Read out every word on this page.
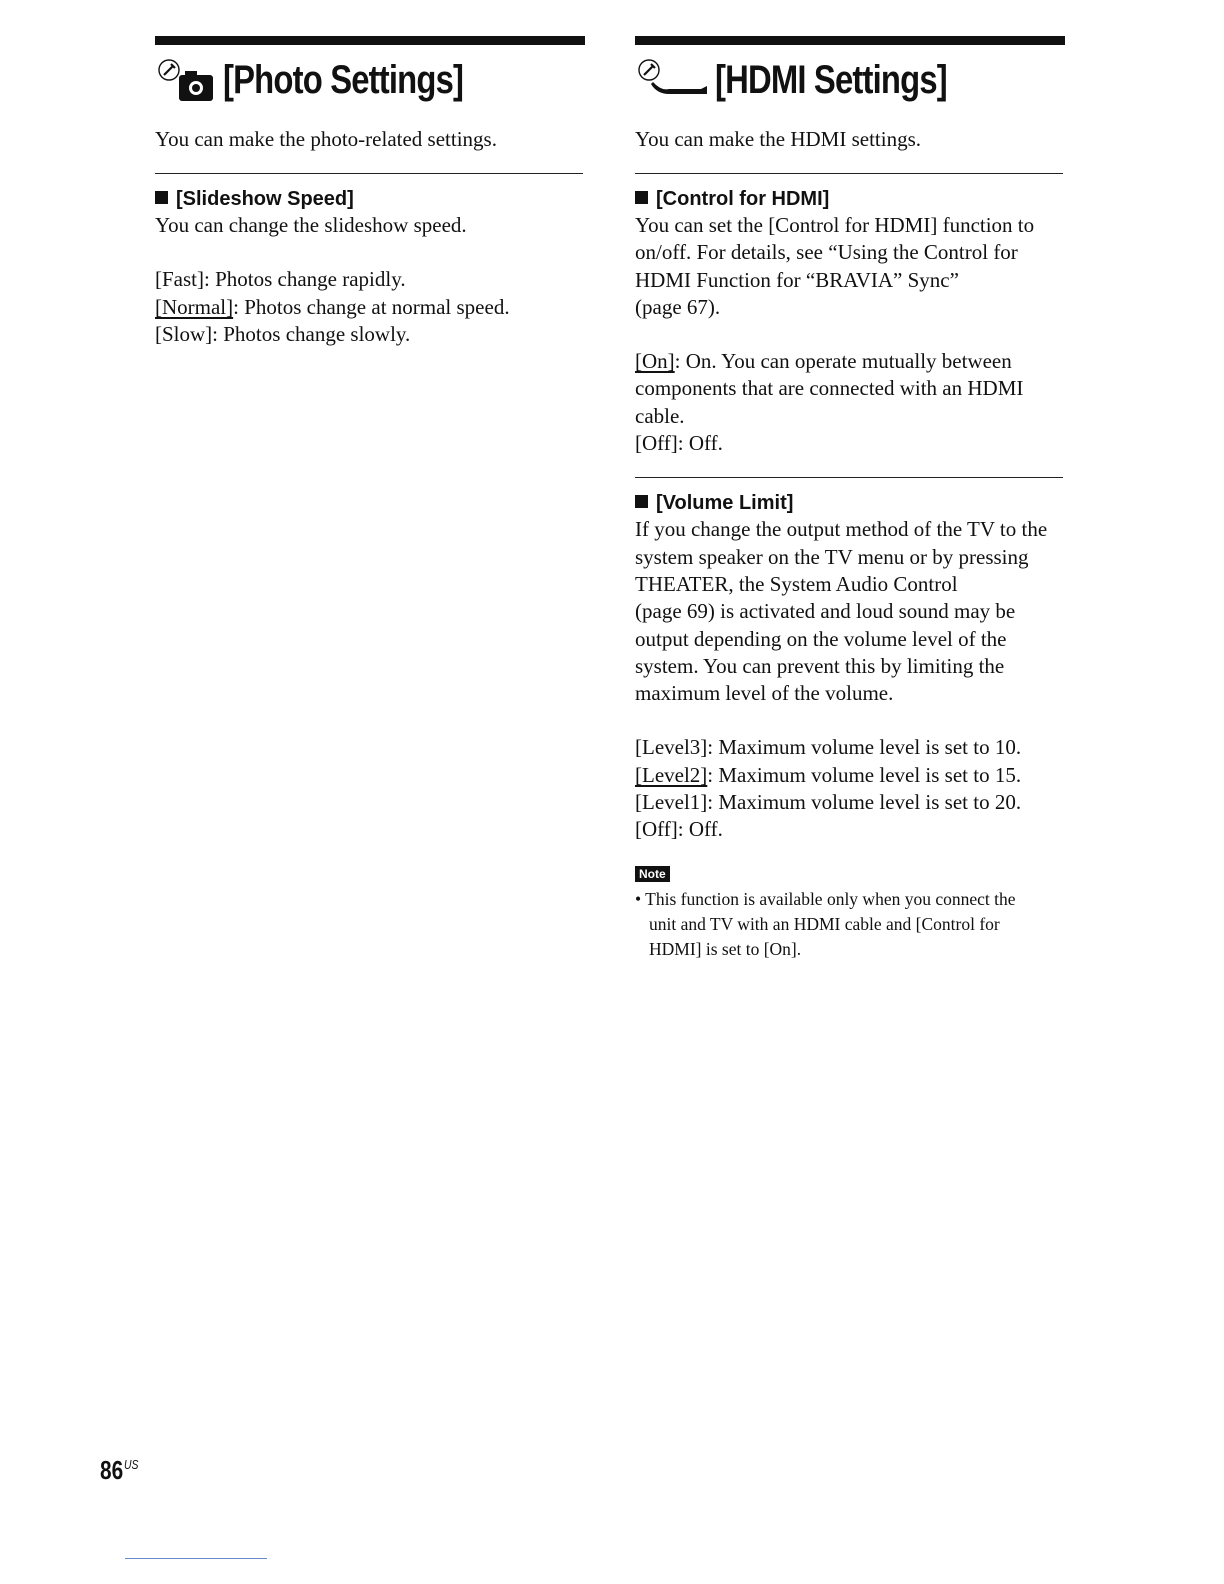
[Photo Settings]
You can make the photo-related settings.
[Slideshow Speed]
You can change the slideshow speed.
[Fast]: Photos change rapidly.
[Normal]: Photos change at normal speed.
[Slow]: Photos change slowly.
[HDMI Settings]
You can make the HDMI settings.
[Control for HDMI]
You can set the [Control for HDMI] function to
on/off. For details, see “Using the Control for
HDMI Function for “BRAVIA” Sync”
(page 67).
[On]: On. You can operate mutually between
components that are connected with an HDMI
cable.
[Off]: Off.
[Volume Limit]
If you change the output method of the TV to the
system speaker on the TV menu or by pressing
THEATER, the System Audio Control
(page 69) is activated and loud sound may be
output depending on the volume level of the
system. You can prevent this by limiting the
maximum level of the volume.
[Level3]: Maximum volume level is set to 10.
[Level2]: Maximum volume level is set to 15.
[Level1]: Maximum volume level is set to 20.
[Off]: Off.
Note
• This function is available only when you connect the
unit and TV with an HDMI cable and [Control for
HDMI] is set to [On].
$86^{US}$
